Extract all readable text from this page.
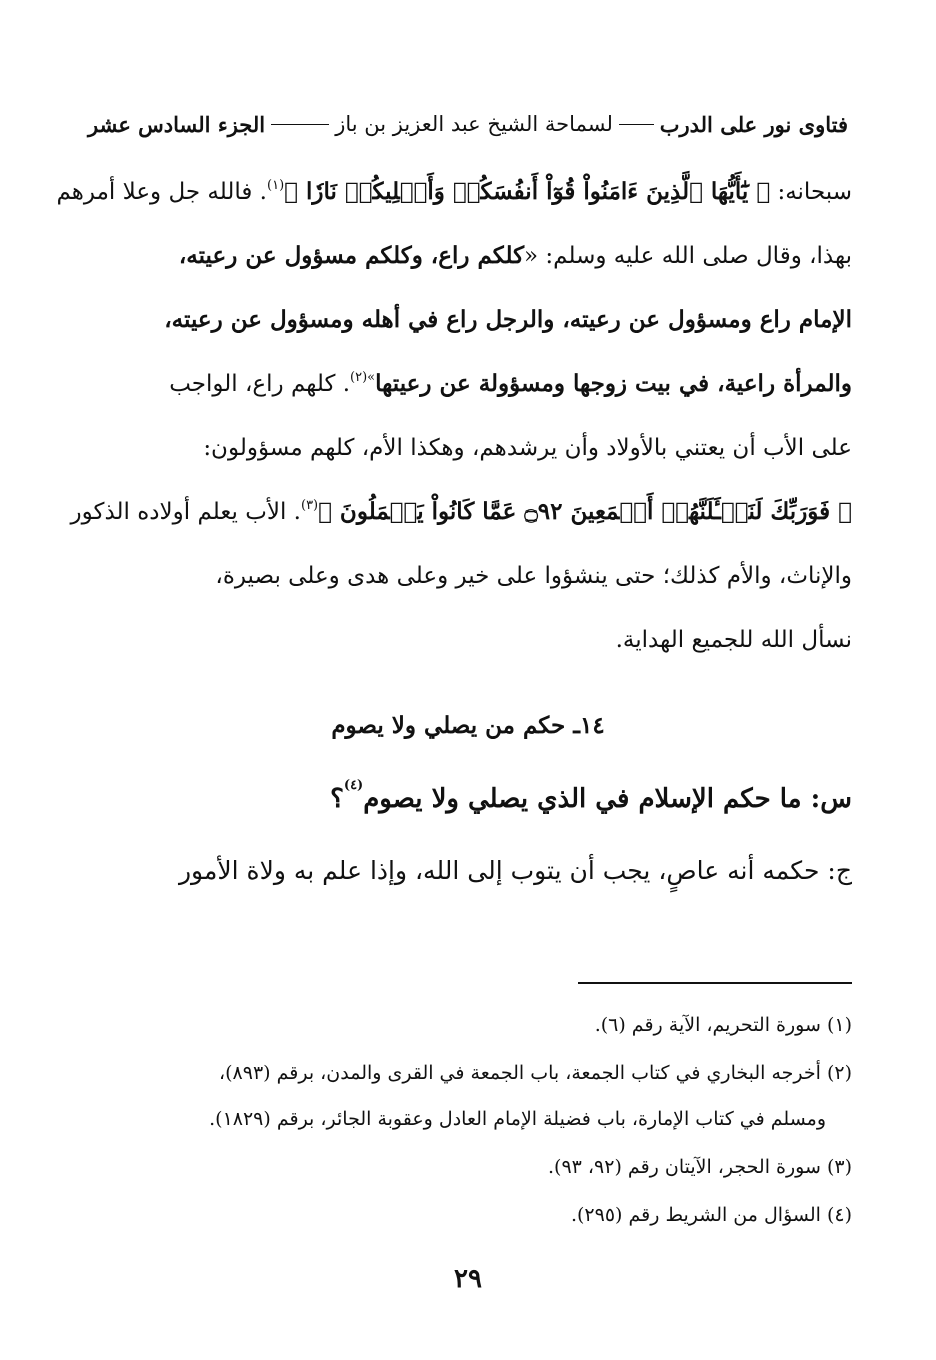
فتاوى نور على الدرب
لسماحة الشيخ عبد العزيز بن باز
الجزء السادس عشر
سبحانه: ﴿ يَٰٓأَيُّهَا ٱلَّذِينَ ءَامَنُواْ قُوٓاْ أَنفُسَكُمۡ وَأَهۡلِيكُمۡ نَارٗا ﴾$^{(١)}$. فالله جل وعلا أمرهم
بهذا، وقال صلى الله عليه وسلم: «كلكم راع، وكلكم مسؤول عن رعيته،
الإمام راع ومسؤول عن رعيته، والرجل راع في أهله ومسؤول عن رعيته،
والمرأة راعية، في بيت زوجها ومسؤولة عن رعيتها$^{»(٢)}$. كلهم راع، الواجب
على الأب أن يعتني بالأولاد وأن يرشدهم، وهكذا الأم، كلهم مسؤولون:
﴿ فَوَرَبِّكَ لَنَسۡـَٔلَنَّهُمۡ أَجۡمَعِينَ ۝٩٢ عَمَّا كَانُواْ يَعۡمَلُونَ ﴾$^{(٣)}$. الأب يعلم أولاده الذكور
والإناث، والأم كذلك؛ حتى ينشؤوا على خير وعلى هدى وعلى بصيرة،
نسأل الله للجميع الهداية.
١٤ـ حكم من يصلي ولا يصوم
س: ما حكم الإسلام في الذي يصلي ولا يصوم$^{(٤)}$؟
ج: حكمه أنه عاصٍ، يجب أن يتوب إلى الله، وإذا علم به ولاة الأمور
(١) سورة التحريم، الآية رقم (٦).
(٢) أخرجه البخاري في كتاب الجمعة، باب الجمعة في القرى والمدن، برقم (٨٩٣)،
ومسلم في كتاب الإمارة، باب فضيلة الإمام العادل وعقوبة الجائر، برقم (١٨٢٩).
(٣) سورة الحجر، الآيتان رقم (٩٢، ٩٣).
(٤) السؤال من الشريط رقم (٢٩٥).
٢٩
